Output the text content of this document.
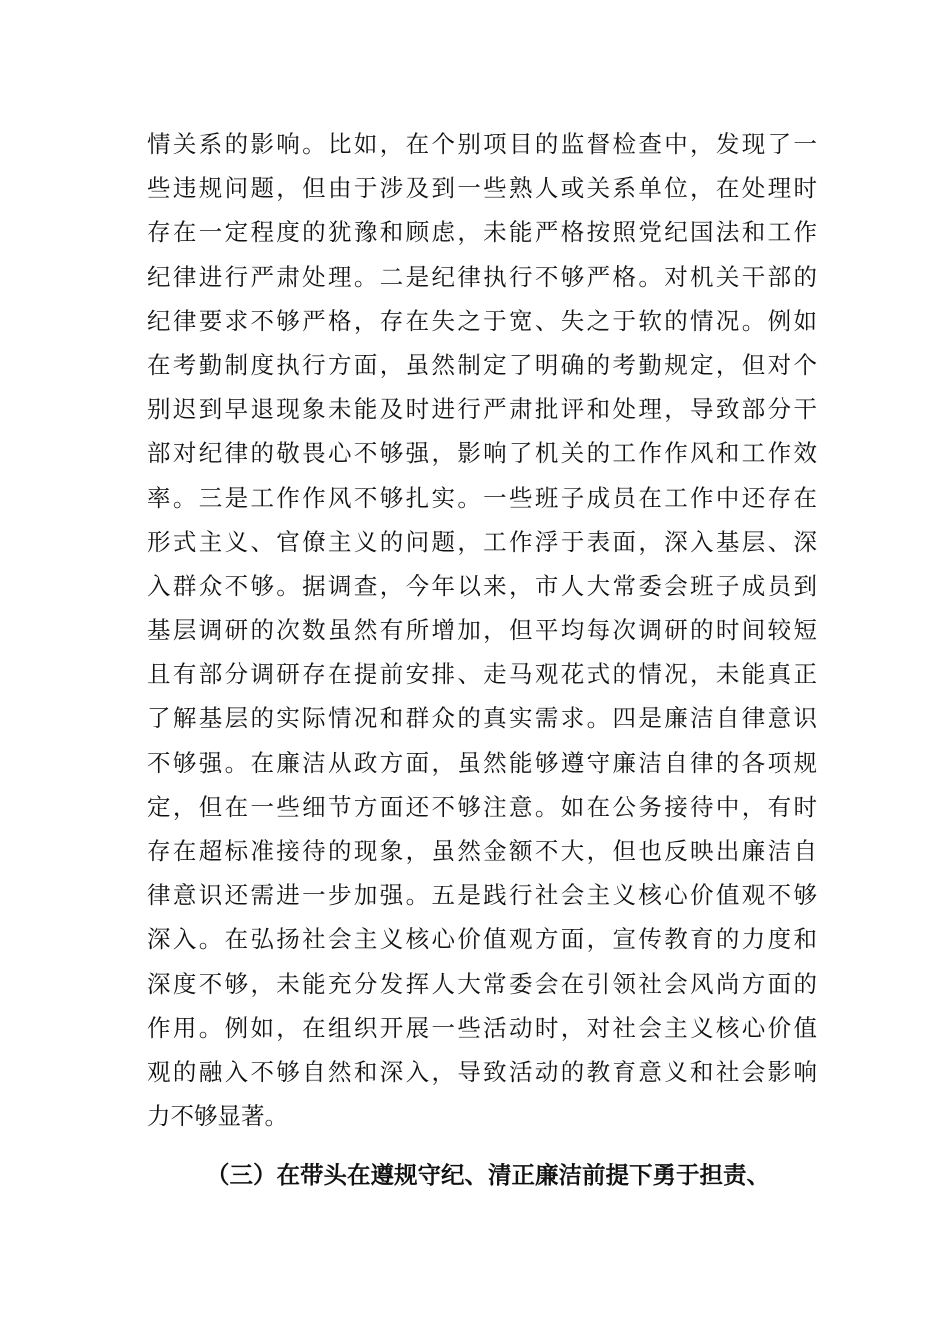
情关系的影响。比如，在个别项目的监督检查中，发现了一
些违规问题，但由于涉及到一些熟人或关系单位，在处理时
存在一定程度的犹豫和顾虑，未能严格按照党纪国法和工作
纪律进行严肃处理。二是纪律执行不够严格。对机关干部的
纪律要求不够严格，存在失之于宽、失之于软的情况。例如
在考勤制度执行方面，虽然制定了明确的考勤规定，但对个
别迟到早退现象未能及时进行严肃批评和处理，导致部分干
部对纪律的敬畏心不够强，影响了机关的工作作风和工作效
率。三是工作作风不够扎实。一些班子成员在工作中还存在
形式主义、官僚主义的问题，工作浮于表面，深入基层、深
入群众不够。据调查，今年以来，市人大常委会班子成员到
基层调研的次数虽然有所增加，但平均每次调研的时间较短
且有部分调研存在提前安排、走马观花式的情况，未能真正
了解基层的实际情况和群众的真实需求。四是廉洁自律意识
不够强。在廉洁从政方面，虽然能够遵守廉洁自律的各项规
定，但在一些细节方面还不够注意。如在公务接待中，有时
存在超标准接待的现象，虽然金额不大，但也反映出廉洁自
律意识还需进一步加强。五是践行社会主义核心价值观不够
深入。在弘扬社会主义核心价值观方面，宣传教育的力度和
深度不够，未能充分发挥人大常委会在引领社会风尚方面的
作用。例如，在组织开展一些活动时，对社会主义核心价值
观的融入不够自然和深入，导致活动的教育意义和社会影响
力不够显著。
（三）在带头在遵规守纪、清正廉洁前提下勇于担责、
